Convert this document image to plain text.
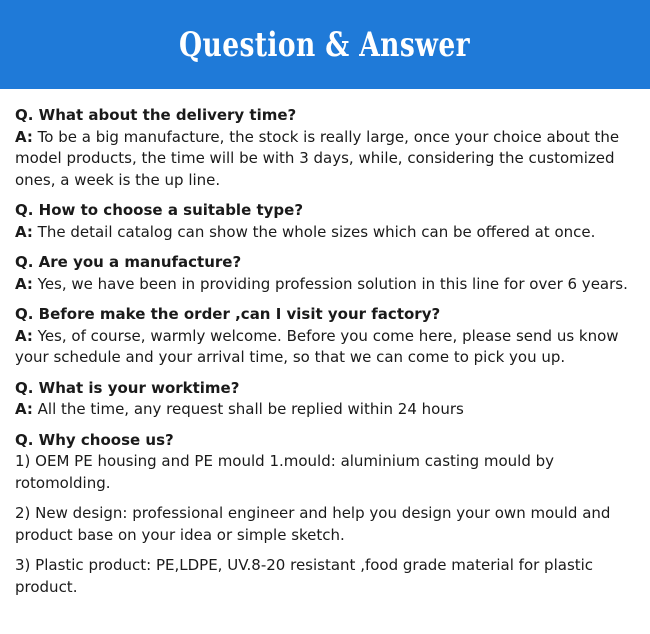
Question & Answer
Q. What about the delivery time?
A: To be a big manufacture, the stock is really large, once your choice about the model products, the time will be with 3 days, while, considering the customized ones, a week is the up line.
Q. How to choose a suitable type?
A: The detail catalog can show the whole sizes which can be offered at once.
Q. Are you a manufacture?
A: Yes, we have been in providing profession solution in this line for over 6 years.
Q. Before make the order ,can I visit your factory?
A: Yes, of course, warmly welcome. Before you come here, please send us know your schedule and your arrival time, so that we can come to pick you up.
Q. What is your worktime?
A: All the time, any request shall be replied within 24 hours
Q. Why choose us?
1) OEM PE housing and PE mould 1.mould: aluminium casting mould by rotomolding.
2) New design: professional engineer and help you design your own mould and product base on your idea or simple sketch.
3) Plastic product: PE,LDPE, UV.8-20 resistant ,food grade material for plastic product.
